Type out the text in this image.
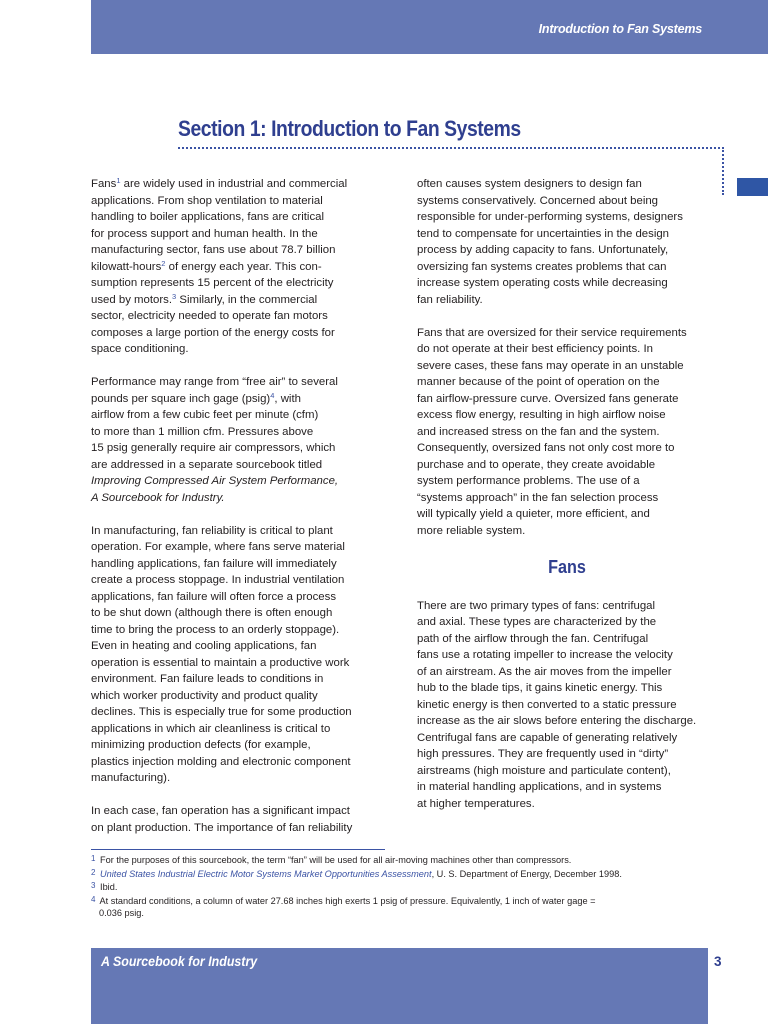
Introduction to Fan Systems
Section 1: Introduction to Fan Systems

Fans$^1$ are widely used in industrial and commercial
applications. From shop ventilation to material
handling to boiler applications, fans are critical
for process support and human health. In the
manufacturing sector, fans use about 78.7 billion
kilowatt-hours$^2$ of energy each year. This con-
sumption represents 15 percent of the electricity
used by motors.$^3$ Similarly, in the commercial
sector, electricity needed to operate fan motors
composes a large portion of the energy costs for
space conditioning.

Performance may range from “free air” to several
pounds per square inch gage (psig)$^4$, with
airflow from a few cubic feet per minute (cfm)
to more than 1 million cfm. Pressures above
15 psig generally require air compressors, which
are addressed in a separate sourcebook titled
Improving Compressed Air System Performance,
A Sourcebook for Industry.

In manufacturing, fan reliability is critical to plant
operation. For example, where fans serve material
handling applications, fan failure will immediately
create a process stoppage. In industrial ventilation
applications, fan failure will often force a process
to be shut down (although there is often enough
time to bring the process to an orderly stoppage).
Even in heating and cooling applications, fan
operation is essential to maintain a productive work
environment. Fan failure leads to conditions in
which worker productivity and product quality
declines. This is especially true for some production
applications in which air cleanliness is critical to
minimizing production defects (for example,
plastics injection molding and electronic component
manufacturing).

In each case, fan operation has a significant impact
on plant production. The importance of fan reliability

often causes system designers to design fan
systems conservatively. Concerned about being
responsible for under-performing systems, designers
tend to compensate for uncertainties in the design
process by adding capacity to fans. Unfortunately,
oversizing fan systems creates problems that can
increase system operating costs while decreasing
fan reliability.

Fans that are oversized for their service requirements
do not operate at their best efficiency points. In
severe cases, these fans may operate in an unstable
manner because of the point of operation on the
fan airflow-pressure curve. Oversized fans generate
excess flow energy, resulting in high airflow noise
and increased stress on the fan and the system.
Consequently, oversized fans not only cost more to
purchase and to operate, they create avoidable
system performance problems. The use of a
“systems approach” in the fan selection process
will typically yield a quieter, more efficient, and
more reliable system.

Fans

There are two primary types of fans: centrifugal
and axial. These types are characterized by the
path of the airflow through the fan. Centrifugal
fans use a rotating impeller to increase the velocity
of an airstream. As the air moves from the impeller
hub to the blade tips, it gains kinetic energy. This
kinetic energy is then converted to a static pressure
increase as the air slows before entering the discharge.
Centrifugal fans are capable of generating relatively
high pressures. They are frequently used in “dirty”
airstreams (high moisture and particulate content),
in material handling applications, and in systems
at higher temperatures.

1 For the purposes of this sourcebook, the term “fan” will be used for all air-moving machines other than compressors.
2 United States Industrial Electric Motor Systems Market Opportunities Assessment, U. S. Department of Energy, December 1998.
3 Ibid.
4 At standard conditions, a column of water 27.68 inches high exerts 1 psig of pressure. Equivalently, 1 inch of water gage =
0.036 psig.
A Sourcebook for Industry	3
